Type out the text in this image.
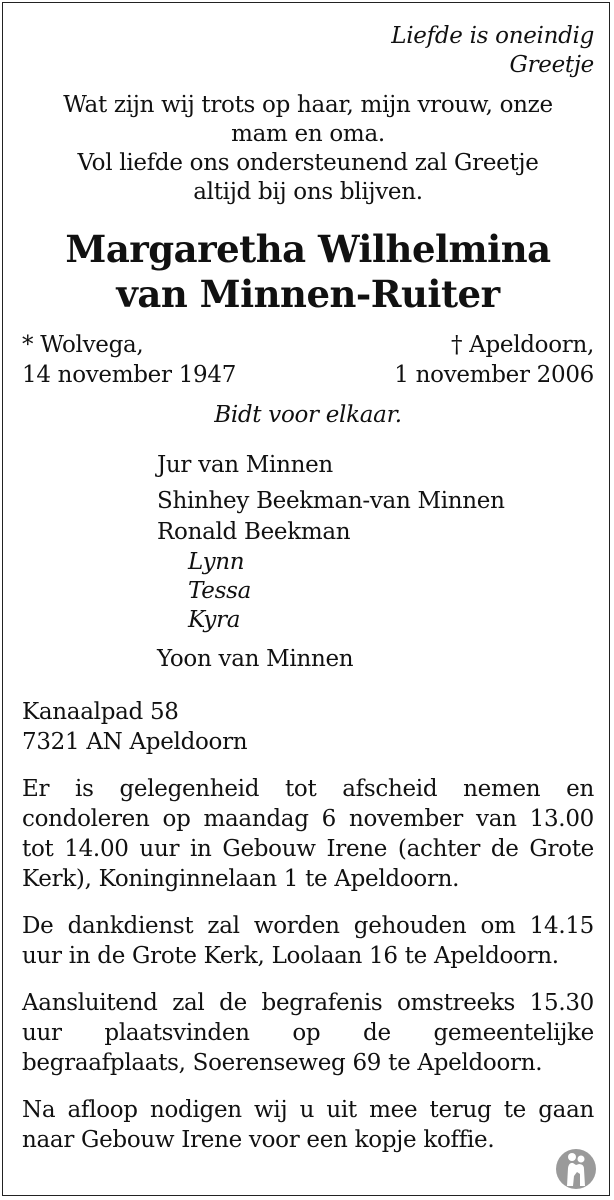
Liefde is oneindig
Greetje
Wat zijn wij trots op haar, mijn vrouw, onze
mam en oma.
Vol liefde ons ondersteunend zal Greetje
altijd bij ons blijven.
Margaretha Wilhelmina
van Minnen-Ruiter
* Wolvega,
14 november 1947
† Apeldoorn,
1 november 2006
Bidt voor elkaar.
Jur van Minnen
Shinhey Beekman-van Minnen
Ronald Beekman
Lynn
Tessa
Kyra
Yoon van Minnen
Kanaalpad 58
7321 AN Apeldoorn
Er is gelegenheid tot afscheid nemen en condoleren op maandag 6 november van 13.00 tot 14.00 uur in Gebouw Irene (achter de Grote Kerk), Koninginnelaan 1 te Apeldoorn.
De dankdienst zal worden gehouden om 14.15 uur in de Grote Kerk, Loolaan 16 te Apeldoorn.
Aansluitend zal de begrafenis omstreeks 15.30 uur plaatsvinden op de gemeentelijke begraafplaats, Soerenseweg 69 te Apeldoorn.
Na afloop nodigen wij u uit mee terug te gaan naar Gebouw Irene voor een kopje koffie.
